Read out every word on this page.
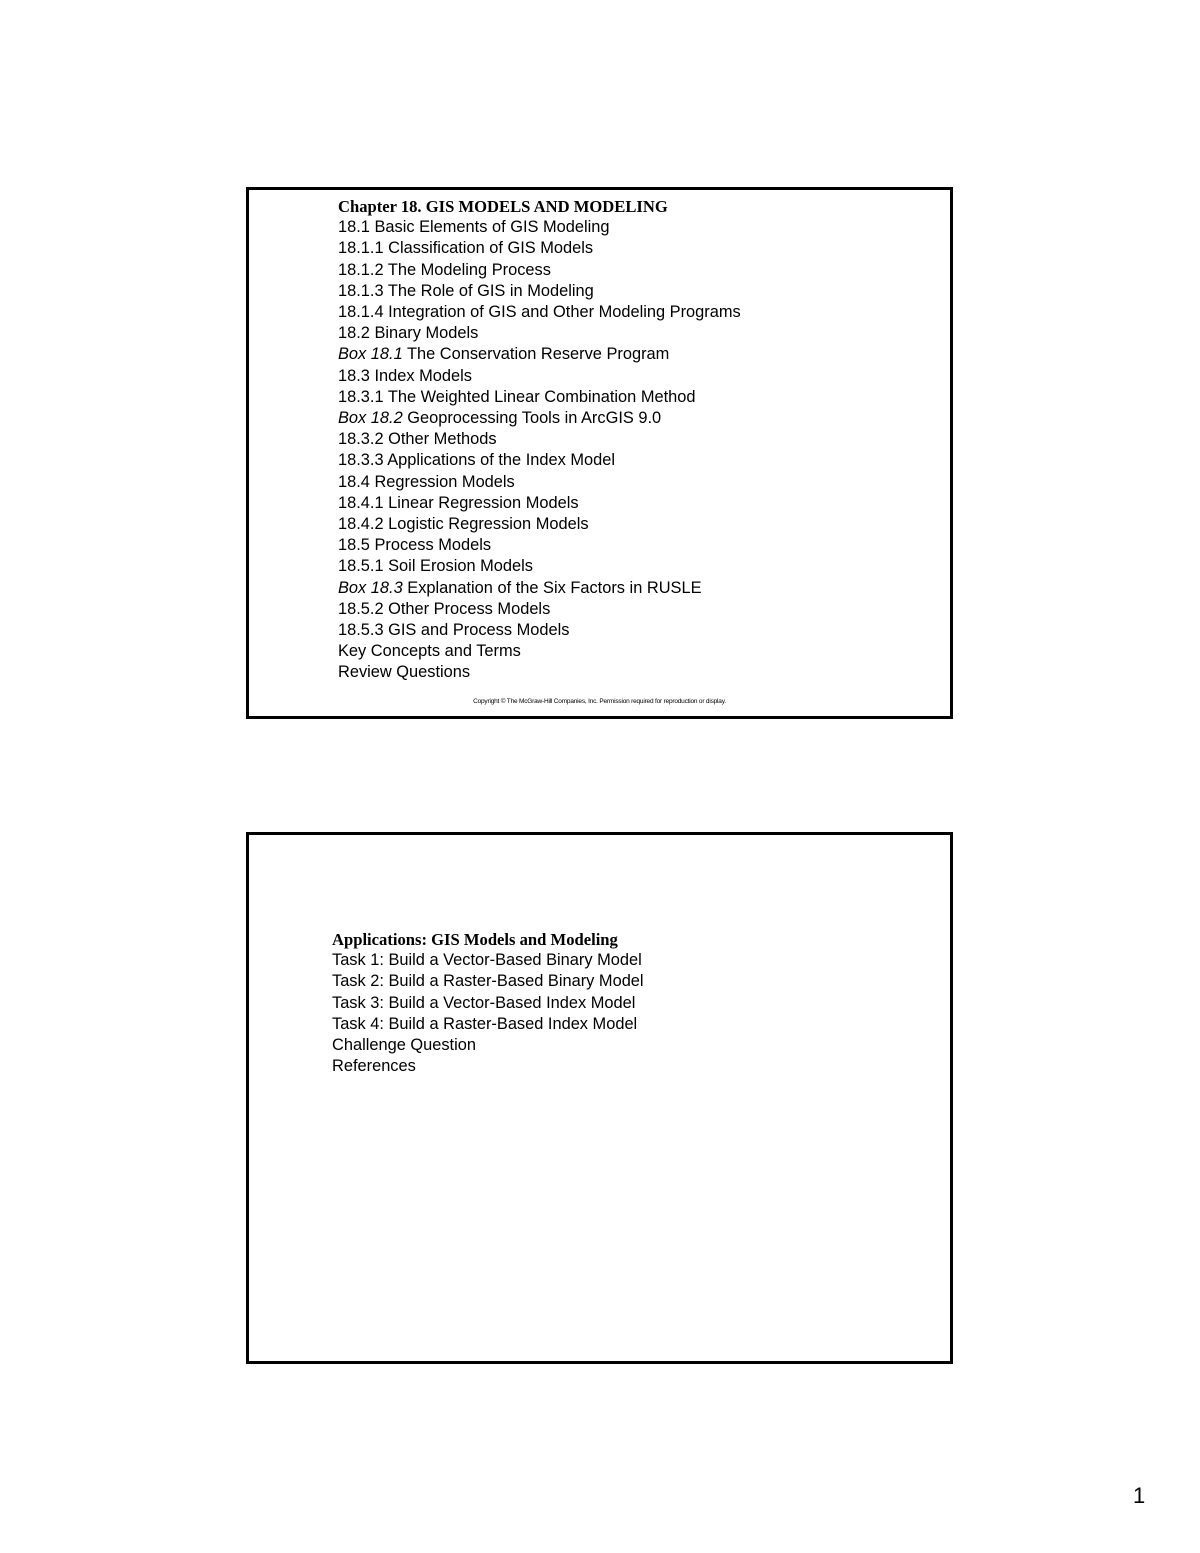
Chapter 18. GIS MODELS AND MODELING
18.1 Basic Elements of GIS Modeling
18.1.1 Classification of GIS Models
18.1.2 The Modeling Process
18.1.3 The Role of GIS in Modeling
18.1.4 Integration of GIS and Other Modeling Programs
18.2 Binary Models
Box 18.1 The Conservation Reserve Program
18.3 Index Models
18.3.1 The Weighted Linear Combination Method
Box 18.2 Geoprocessing Tools in ArcGIS 9.0
18.3.2 Other Methods
18.3.3 Applications of the Index Model
18.4 Regression Models
18.4.1 Linear Regression Models
18.4.2 Logistic Regression Models
18.5 Process Models
18.5.1 Soil Erosion Models
Box 18.3 Explanation of the Six Factors in RUSLE
18.5.2 Other Process Models
18.5.3 GIS and Process Models
Key Concepts and Terms
Review Questions
Copyright © The McGraw-Hill Companies, Inc. Permission required for reproduction or display.
Applications: GIS Models and Modeling
Task 1: Build a Vector-Based Binary Model
Task 2: Build a Raster-Based Binary Model
Task 3: Build a Vector-Based Index Model
Task 4: Build a Raster-Based Index Model
Challenge Question
References
1
